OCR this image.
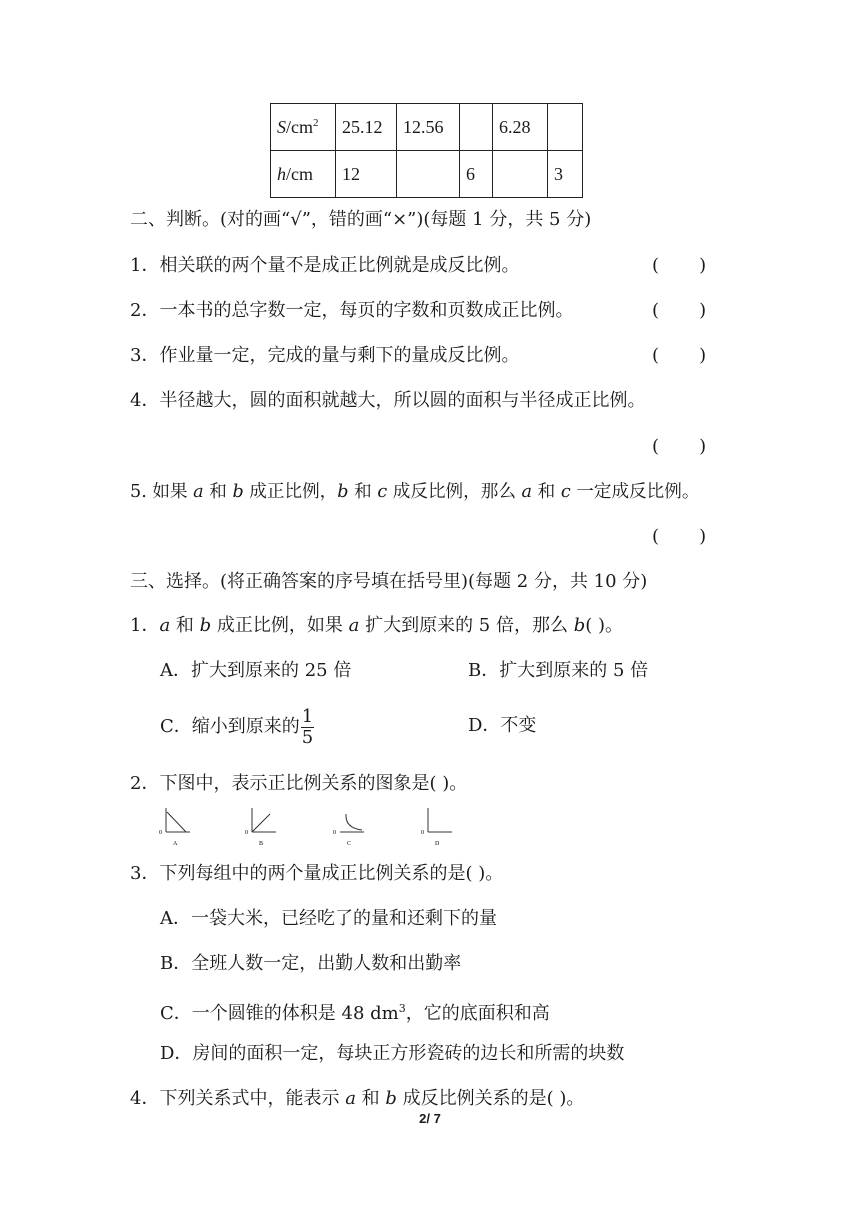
$S/cm^2$	25.12	12.56		6.28	
h/cm	12		6		3
二、判断。(对的画“√”，错的画“×”)(每题 1 分，共 5 分)
1．相关联的两个量不是成正比例就是成反比例。	(       )
2．一本书的总字数一定，每页的字数和页数成正比例。	(       )
3．作业量一定，完成的量与剩下的量成反比例。	(       )
4．半径越大，圆的面积就越大，所以圆的面积与半径成正比例。
(       )
5. 如果 a 和 b 成正比例，b 和 c 成反比例，那么 a 和 c 一定成反比例。
(       )
三、选择。(将正确答案的序号填在括号里)(每题 2 分，共 10 分)
1．a 和 b 成正比例，如果 a 扩大到原来的 5 倍，那么 b( )。
A．扩大到原来的 25 倍	B．扩大到原来的 5 倍
C．缩小到原来的 $\frac{1}{5}$	D．不变
2．下图中，表示正比例关系的图象是( )。
0
A
0
B
0
C
0
D
3．下列每组中的两个量成正比例关系的是( )。
A．一袋大米，已经吃了的量和还剩下的量
B．全班人数一定，出勤人数和出勤率
C．一个圆锥的体积是 48 $dm^3$，它的底面积和高
D．房间的面积一定，每块正方形瓷砖的边长和所需的块数
4．下列关系式中，能表示 a 和 b 成反比例关系的是( )。
2/ 7
